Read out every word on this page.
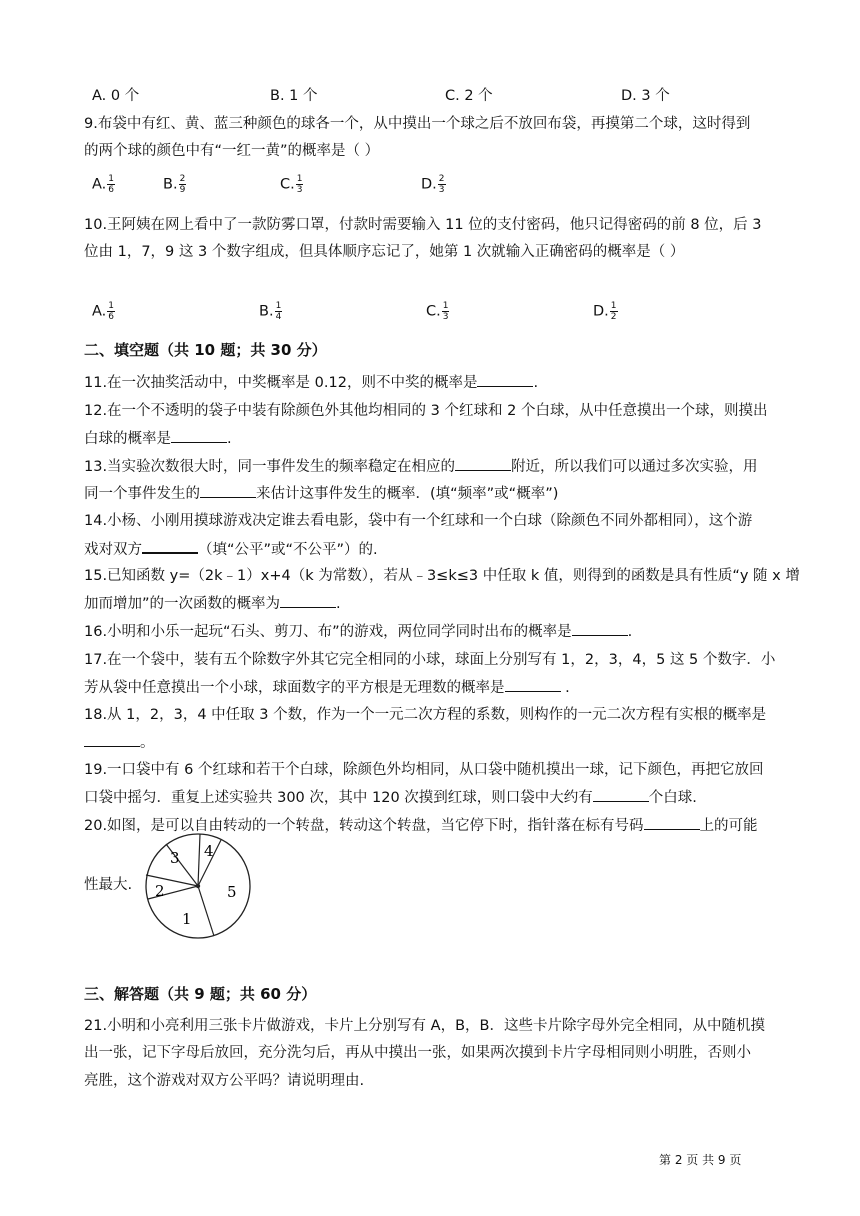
A. 0 个	B. 1 个	C. 2 个	D. 3 个
9.布袋中有红、黄、蓝三种颜色的球各一个，从中摸出一个球之后不放回布袋，再摸第二个球，这时得到
的两个球的颜色中有“一红一黄”的概率是（ ）
A. $\frac{1}{6}$	B. $\frac{2}{9}$	C. $\frac{1}{3}$	D. $\frac{2}{3}$
10.王阿姨在网上看中了一款防雾口罩，付款时需要输入 11 位的支付密码，他只记得密码的前 8 位，后 3
位由 1，7，9 这 3 个数字组成，但具体顺序忘记了，她第 1 次就输入正确密码的概率是（ ）
A. $\frac{1}{6}$	B. $\frac{1}{4}$	C. $\frac{1}{3}$	D. $\frac{1}{2}$
二、填空题（共 10 题；共 30 分）
11.在一次抽奖活动中，中奖概率是 0.12，则不中奖的概率是	.
12.在一个不透明的袋子中装有除颜色外其他均相同的 3 个红球和 2 个白球，从中任意摸出一个球，则摸出
白球的概率是	.
13.当实验次数很大时，同一事件发生的频率稳定在相应的	附近，所以我们可以通过多次实验，用
同一个事件发生的	来估计这事件发生的概率．(填“频率”或“概率”)
14.小杨、小刚用摸球游戏决定谁去看电影，袋中有一个红球和一个白球（除颜色不同外都相同），这个游
戏对双方	（填“公平”或“不公平”）的.
15.已知函数 y=（2k﹣1）x+4（k 为常数），若从﹣3≤k≤3 中任取 k 值，则得到的函数是具有性质“y 随 x 增
加而增加”的一次函数的概率为	.
16.小明和小乐一起玩“石头、剪刀、布”的游戏，两位同学同时出布的概率是	.
17.在一个袋中，装有五个除数字外其它完全相同的小球，球面上分别写有 1，2，3，4，5 这 5 个数字．小
芳从袋中任意摸出一个小球，球面数字的平方根是无理数的概率是	.
18.从 1，2，3，4 中任取 3 个数，作为一个一元二次方程的系数，则构作的一元二次方程有实根的概率是
。
19.一口袋中有 6 个红球和若干个白球，除颜色外均相同，从口袋中随机摸出一球，记下颜色，再把它放回
口袋中摇匀．重复上述实验共 300 次，其中 120 次摸到红球，则口袋中大约有	个白球.
20.如图，是可以自由转动的一个转盘，转动这个转盘，当它停下时，指针落在标有号码	上的可能
性最大.
1
2
3 4
5
三、解答题（共 9 题；共 60 分）
21.小明和小亮利用三张卡片做游戏，卡片上分别写有 A，B，B．这些卡片除字母外完全相同，从中随机摸
出一张，记下字母后放回，充分洗匀后，再从中摸出一张，如果两次摸到卡片字母相同则小明胜，否则小
亮胜，这个游戏对双方公平吗？请说明理由.
第 2 页 共 9 页
